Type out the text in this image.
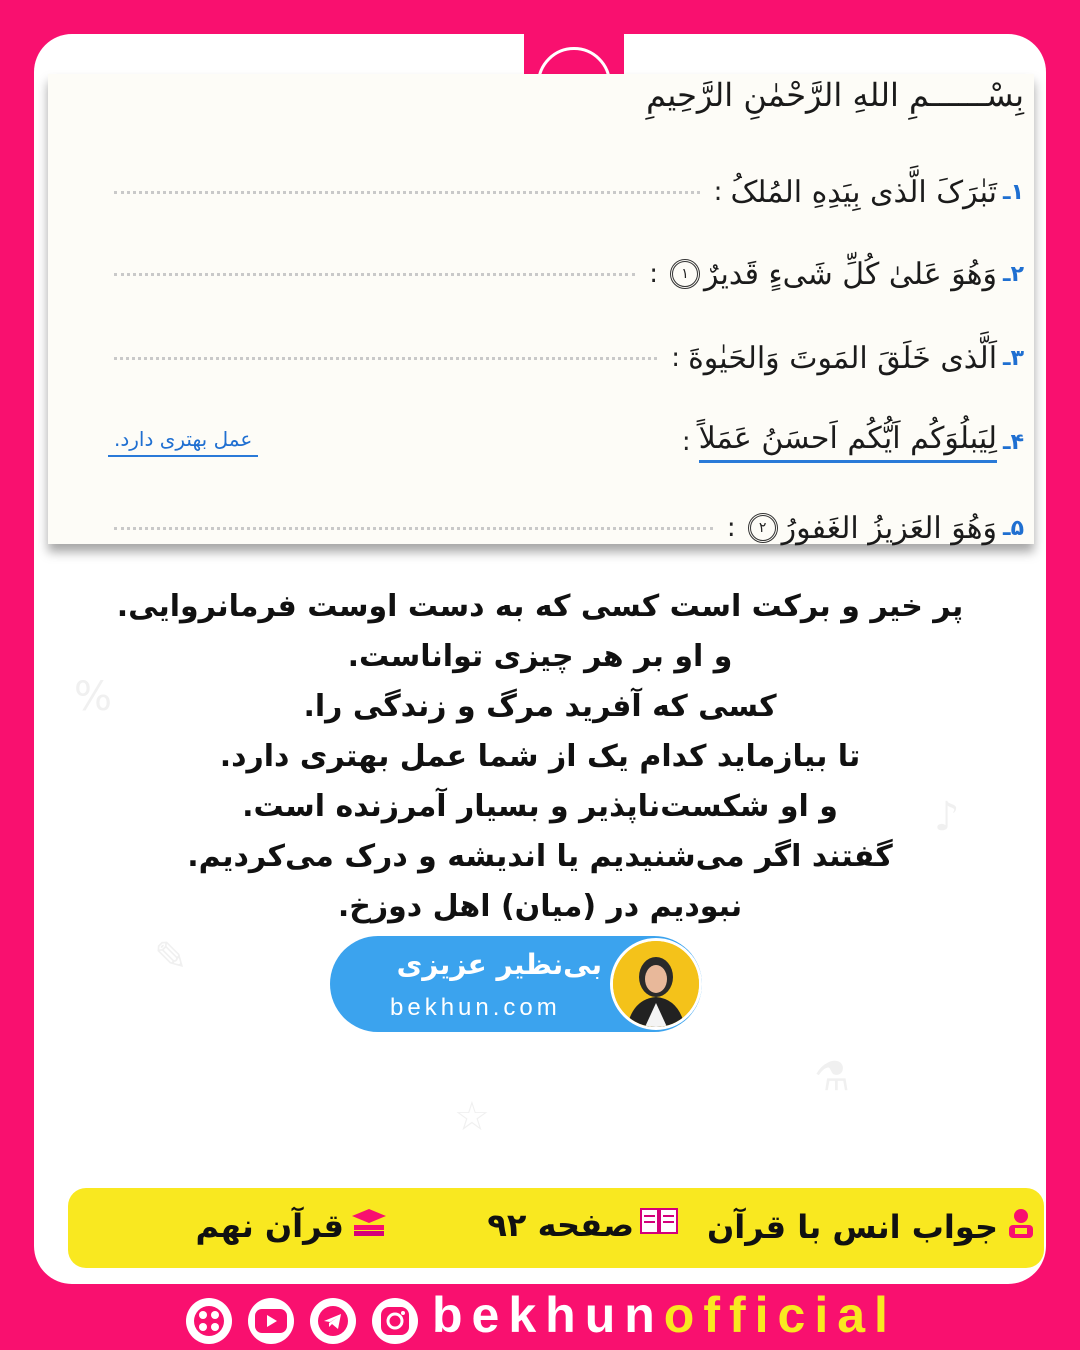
%
♪
✎
⚗
☆
بِسْــــــمِ اللهِ الرَّحْمٰنِ الرَّحِیمِ
۱ـ
تَبٰرَکَ الَّذی بِیَدِهِ المُلکُ
:
۲ـ
وَهُوَ عَلیٰ کُلِّ شَیءٍ قَدیرٌ
۱
:
۳ـ
اَلَّذی خَلَقَ المَوتَ وَالحَیٰوةَ
:
۴ـ
لِیَبلُوَکُم اَیُّکُم اَحسَنُ عَمَلاً
:
عمل بهتری دارد.
۵ـ
وَهُوَ العَزیزُ الغَفورُ
۲
:
پر خیر و برکت است کسی که به دست اوست فرمانروایی.
و او بر هر چیزی تواناست.
کسی که آفرید مرگ و زندگی را.
تا بیازماید کدام یک از شما عمل بهتری دارد.
و او شکست‌ناپذیر و بسیار آمرزنده است.
گفتند اگر می‌شنیدیم یا اندیشه و درک می‌کردیم.
نبودیم در (میان) اهل دوزخ.
بی‌نظیر عزیزی
bekhun.com
جواب انس با قرآن
صفحه ۹۲
قرآن نهم
bekhunofficial
